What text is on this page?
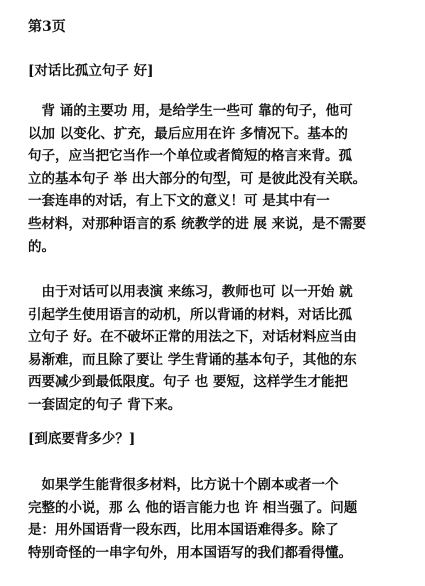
第3页
[对话比孤立句子 好]
　背 诵的主要功 用，是给学生一些可 靠的句子，他可
以加 以变化、扩充，最后应用在许 多情况下。基本的
句子，应当把它当作一个单位或者简短的格言来背。孤
立的基本句子 举 出大部分的句型，可 是彼此没有关联。
一套连串的对话，有上下文的意义！可 是其中有一
些材料，对那种语言的系 统教学的进 展 来说，是不需要
的。
　由于对话可以用表演 来练习，教师也可 以一开始 就
引起学生使用语言的动机，所以背诵的材料，对话比孤
立句子 好。在不破坏正常的用法之下，对话材料应当由
易渐难，而且除了要让 学生背诵的基本句子，其他的东
西要减少到最低限度。句子 也 要短，这样学生才能把
一套固定的句子 背下来。
[到底要背多少？]
　如果学生能背很多材料，比方说十个剧本或者一个
完整的小说，那 么 他的语言能力也 许 相当强了。问题
是：用外国语背一段东西，比用本国语难得多。除了
特别奇怪的一串字句外，用本国语写的我们都看得懂。
